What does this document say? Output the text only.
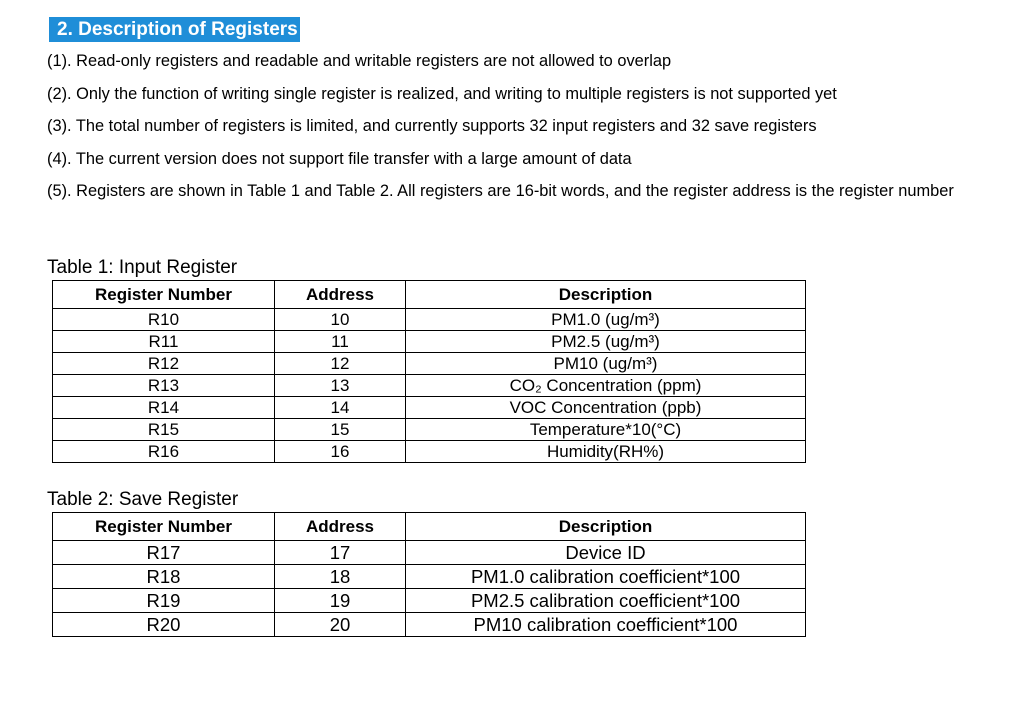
2. Description of Registers
(1). Read-only registers and readable and writable registers are not allowed to overlap
(2). Only the function of writing single register is realized, and writing to multiple registers is not supported yet
(3). The total number of registers is limited, and currently supports 32 input registers and 32 save registers
(4). The current version does not support file transfer with a large amount of data
(5). Registers are shown in Table 1 and Table 2. All registers are 16-bit words, and the register address is the register number
Table 1: Input Register
Register Number	Address	Description
R10	10	PM1.0 (ug/m³)
R11	11	PM2.5 (ug/m³)
R12	12	PM10 (ug/m³)
R13	13	CO₂ Concentration (ppm)
R14	14	VOC Concentration (ppb)
R15	15	Temperature*10(°C)
R16	16	Humidity(RH%)
Table 2: Save Register
Register Number	Address	Description
R17	17	Device ID
R18	18	PM1.0 calibration coefficient*100
R19	19	PM2.5 calibration coefficient*100
R20	20	PM10 calibration coefficient*100
